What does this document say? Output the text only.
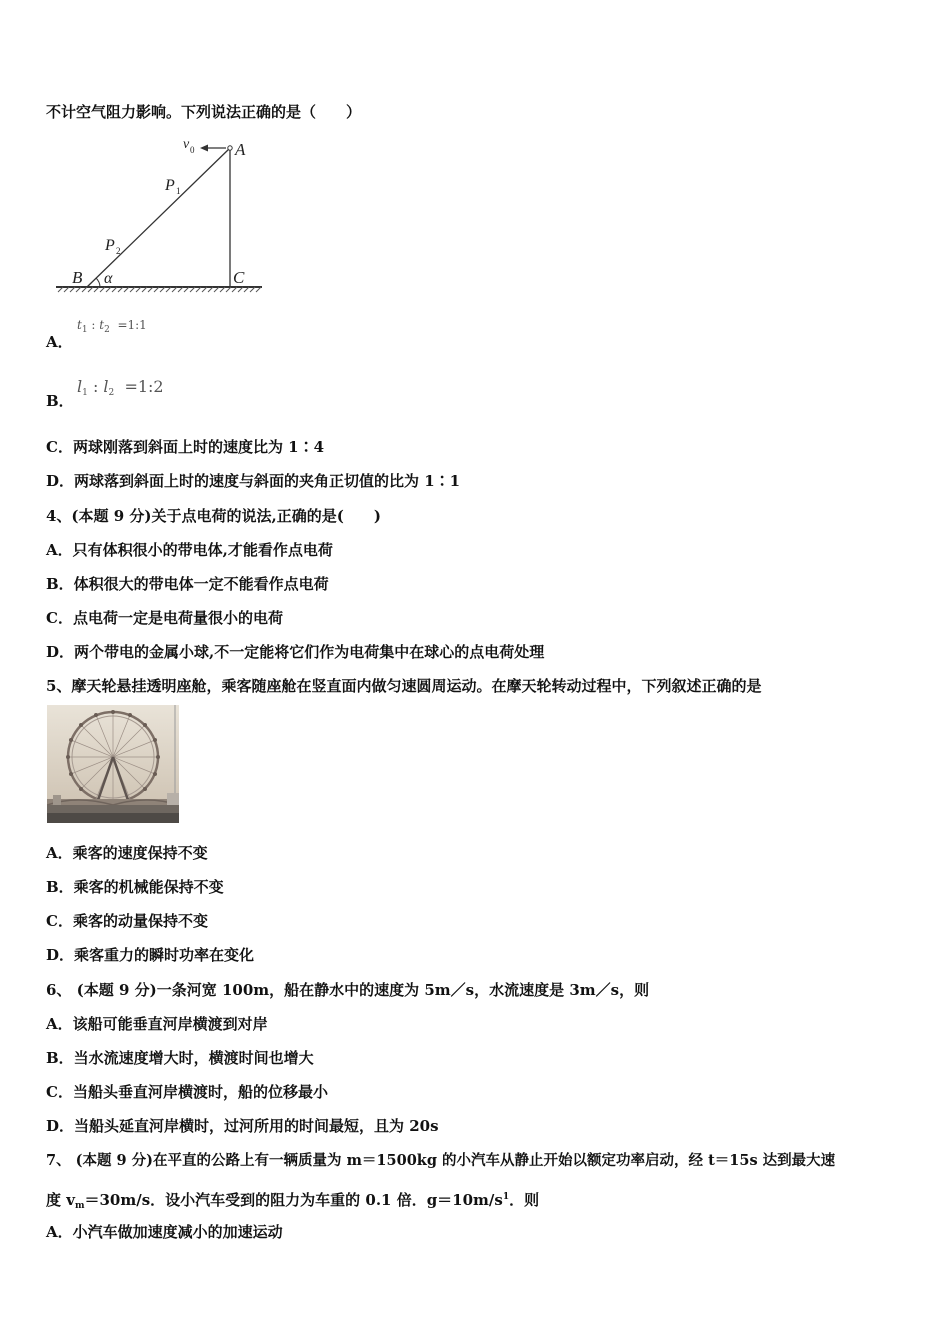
不计空气阻力影响。下列说法正确的是（　　）
v 0 A
P 1
P 2
B α	C
A．
$t_1$ : $t_2$ =1:1
B．
$l_1$ : $l_2$ =1:2
C．两球刚落到斜面上时的速度比为 1∶4
D．两球落到斜面上时的速度与斜面的夹角正切值的比为 1∶1
4、(本题 9 分)关于点电荷的说法,正确的是(　　)
A．只有体积很小的带电体,才能看作点电荷
B．体积很大的带电体一定不能看作点电荷
C．点电荷一定是电荷量很小的电荷
D．两个带电的金属小球,不一定能将它们作为电荷集中在球心的点电荷处理
5、摩天轮悬挂透明座舱，乘客随座舱在竖直面内做匀速圆周运动。在摩天轮转动过程中，下列叙述正确的是
A．乘客的速度保持不变
B．乘客的机械能保持不变
C．乘客的动量保持不变
D．乘客重力的瞬时功率在变化
6、 (本题 9 分)一条河宽 100m，船在静水中的速度为 5m／s，水流速度是 3m／s，则
A．该船可能垂直河岸横渡到对岸
B．当水流速度增大时，横渡时间也增大
C．当船头垂直河岸横渡时，船的位移最小
D．当船头延直河岸横时，过河所用的时间最短，且为 20s
7、 (本题 9 分)在平直的公路上有一辆质量为 m＝1500kg 的小汽车从静止开始以额定功率启动，经 t＝15s 达到最大速
度 $v_m=30m/s$．设小汽车受到的阻力为车重的 0.1 倍．$g=10m/s^1$．则
A．小汽车做加速度减小的加速运动
